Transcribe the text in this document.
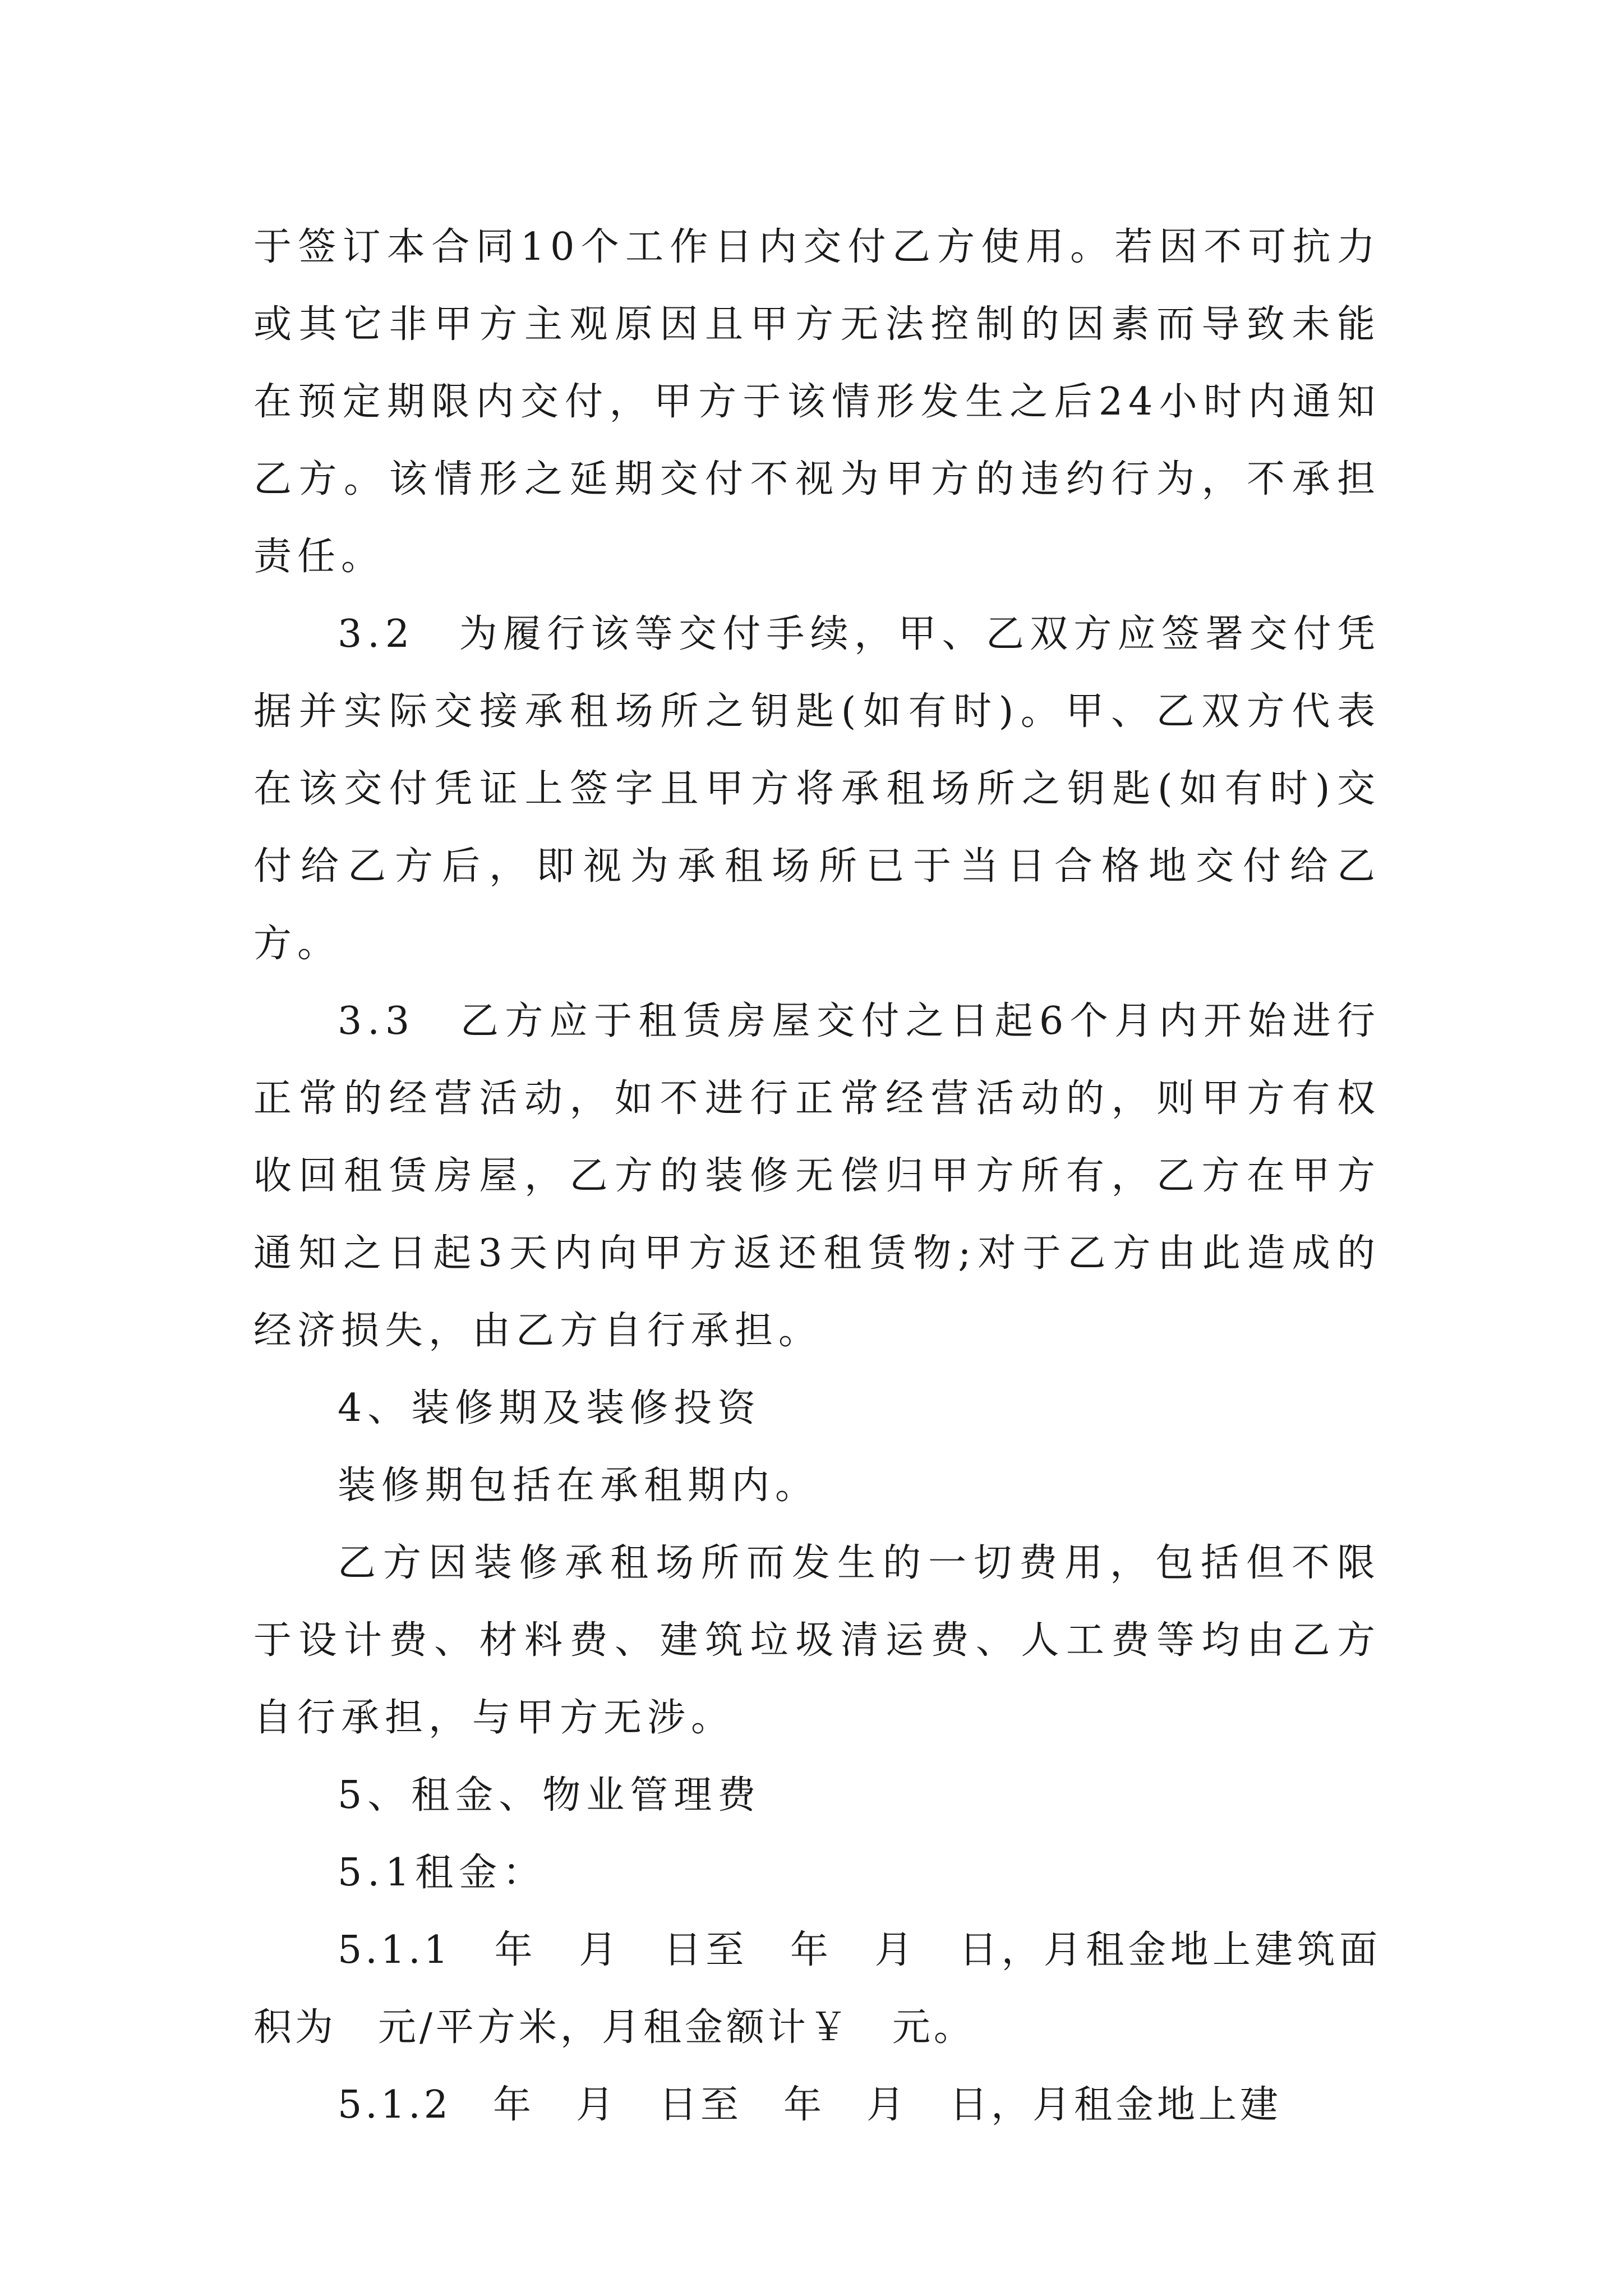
于签订本合同10个工作日内交付乙方使用。若因不可抗力或其它非甲方主观原因且甲方无法控制的因素而导致未能在预定期限内交付，甲方于该情形发生之后24小时内通知乙方。该情形之延期交付不视为甲方的违约行为，不承担责任。

3.2　为履行该等交付手续，甲、乙双方应签署交付凭据并实际交接承租场所之钥匙(如有时)。甲、乙双方代表在该交付凭证上签字且甲方将承租场所之钥匙(如有时)交付给乙方后，即视为承租场所已于当日合格地交付给乙方。

3.3　乙方应于租赁房屋交付之日起6个月内开始进行正常的经营活动，如不进行正常经营活动的，则甲方有权收回租赁房屋，乙方的装修无偿归甲方所有，乙方在甲方通知之日起3天内向甲方返还租赁物;对于乙方由此造成的经济损失，由乙方自行承担。

4、装修期及装修投资

装修期包括在承租期内。

乙方因装修承租场所而发生的一切费用，包括但不限于设计费、材料费、建筑垃圾清运费、人工费等均由乙方自行承担，与甲方无涉。

5、租金、物业管理费

5.1租金：

5.1.1　年　月　日至　年　月　日，月租金地上建筑面积为　元/平方米，月租金额计￥　元。

5.1.2　年　月　日至　年　月　日，月租金地上建
